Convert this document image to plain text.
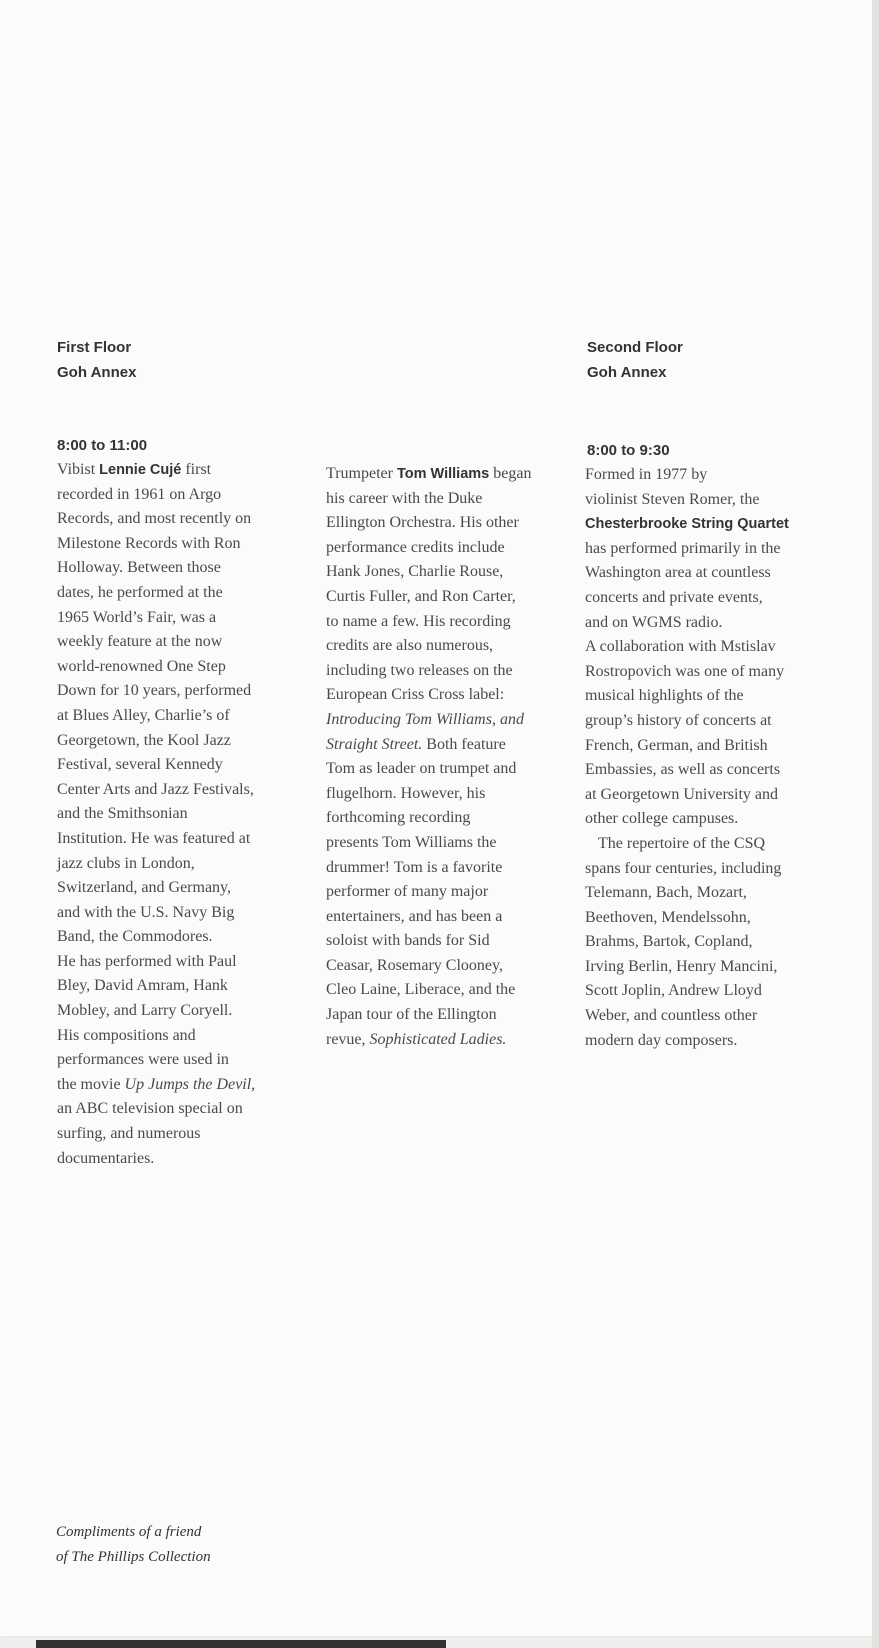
First Floor
Goh Annex
8:00 to 11:00
Vibist Lennie Cujé first
recorded in 1961 on Argo
Records, and most recently on
Milestone Records with Ron
Holloway. Between those
dates, he performed at the
1965 World’s Fair, was a
weekly feature at the now
world-renowned One Step
Down for 10 years, performed
at Blues Alley, Charlie’s of
Georgetown, the Kool Jazz
Festival, several Kennedy
Center Arts and Jazz Festivals,
and the Smithsonian
Institution. He was featured at
jazz clubs in London,
Switzerland, and Germany,
and with the U.S. Navy Big
Band, the Commodores.
He has performed with Paul
Bley, David Amram, Hank
Mobley, and Larry Coryell.
His compositions and
performances were used in
the movie Up Jumps the Devil,
an ABC television special on
surfing, and numerous
documentaries.
Trumpeter Tom Williams began
his career with the Duke
Ellington Orchestra. His other
performance credits include
Hank Jones, Charlie Rouse,
Curtis Fuller, and Ron Carter,
to name a few. His recording
credits are also numerous,
including two releases on the
European Criss Cross label:
Introducing Tom Williams, and
Straight Street. Both feature
Tom as leader on trumpet and
flugelhorn. However, his
forthcoming recording
presents Tom Williams the
drummer! Tom is a favorite
performer of many major
entertainers, and has been a
soloist with bands for Sid
Ceasar, Rosemary Clooney,
Cleo Laine, Liberace, and the
Japan tour of the Ellington
revue, Sophisticated Ladies.
Second Floor
Goh Annex
8:00 to 9:30
Formed in 1977 by
violinist Steven Romer, the
Chesterbrooke String Quartet
has performed primarily in the
Washington area at countless
concerts and private events,
and on WGMS radio.
A collaboration with Mstislav
Rostropovich was one of many
musical highlights of the
group’s history of concerts at
French, German, and British
Embassies, as well as concerts
at Georgetown University and
other college campuses.
The repertoire of the CSQ
spans four centuries, including
Telemann, Bach, Mozart,
Beethoven, Mendelssohn,
Brahms, Bartok, Copland,
Irving Berlin, Henry Mancini,
Scott Joplin, Andrew Lloyd
Weber, and countless other
modern day composers.
Compliments of a friend
of The Phillips Collection
